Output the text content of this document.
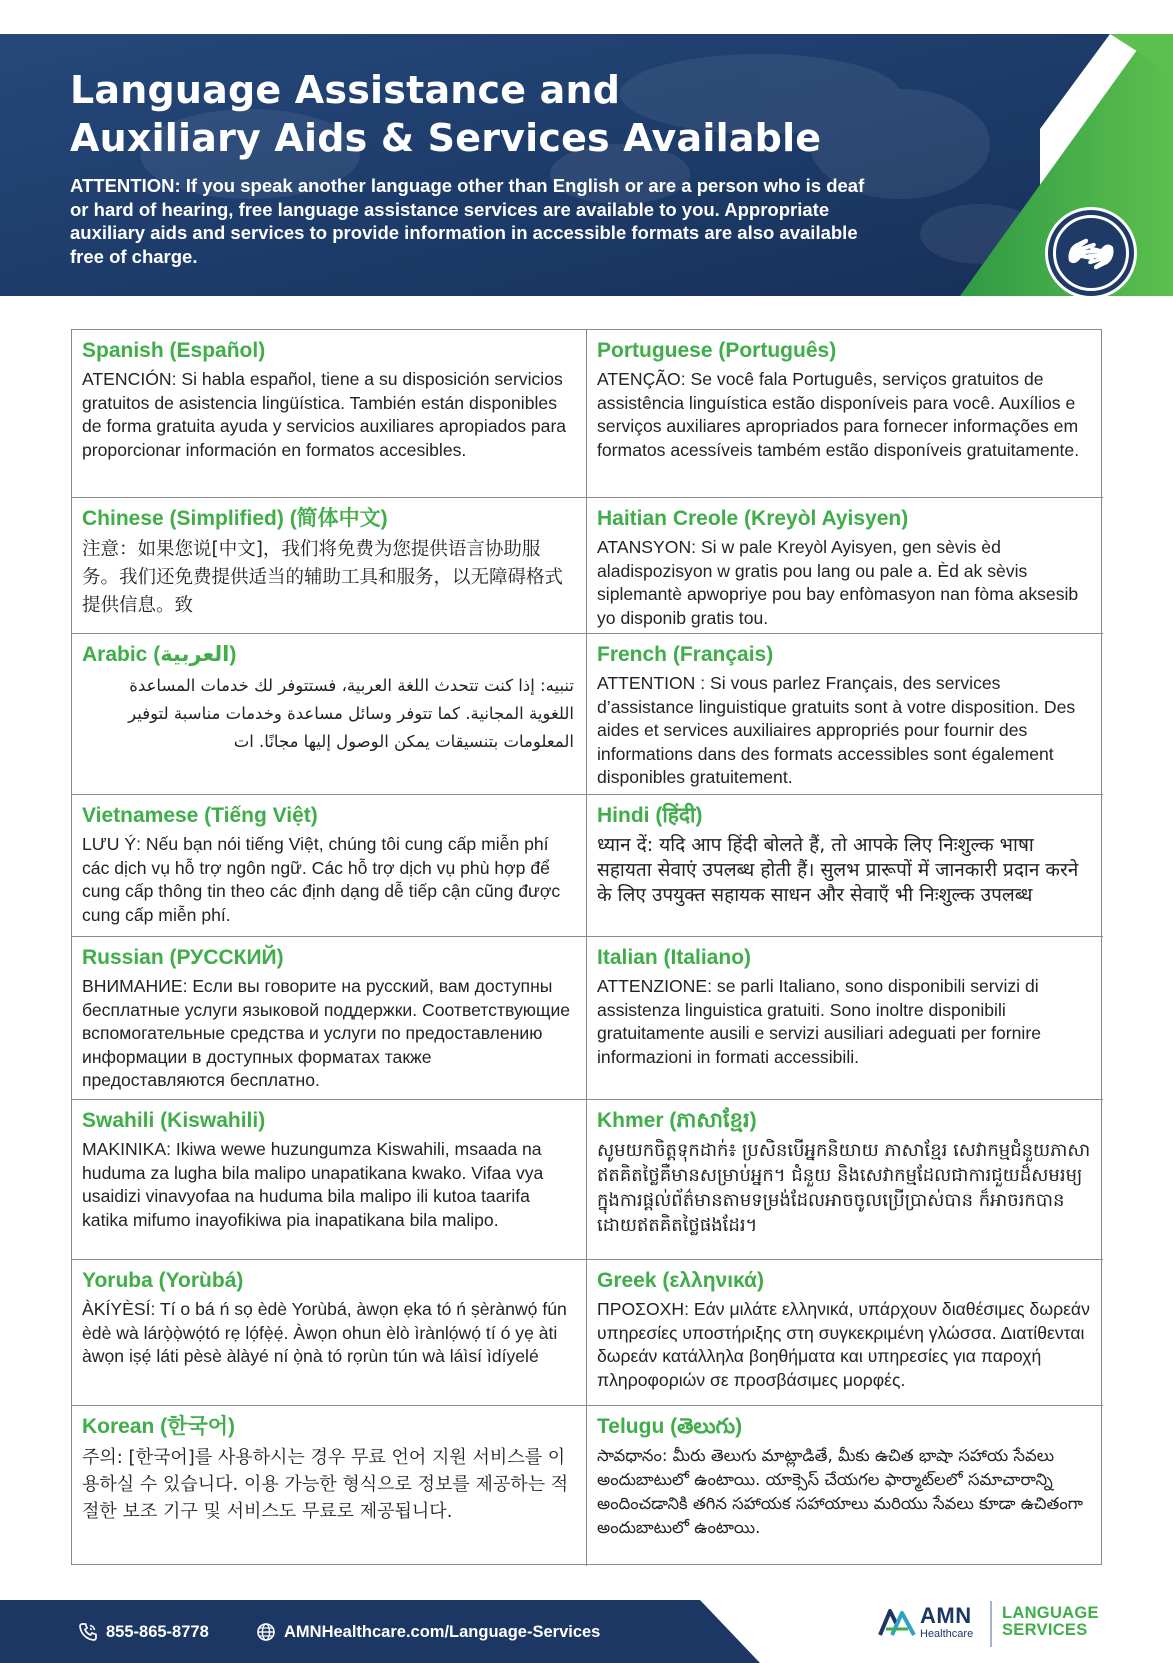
Language Assistance and
Auxiliary Aids & Services Available
ATTENTION: If you speak another language other than English or are a person who is deaf or hard of hearing, free language assistance services are available to you. Appropriate auxiliary aids and services to provide information in accessible formats are also available free of charge.
Spanish (Español)
ATENCIÓN: Si habla español, tiene a su disposición servicios gratuitos de asistencia lingüística. También están disponibles de forma gratuita ayuda y servicios auxiliares apropiados para proporcionar información en formatos accesibles.
Portuguese (Português)
ATENÇÃO: Se você fala Português, serviços gratuitos de assistência linguística estão disponíveis para você. Auxílios e serviços auxiliares apropriados para fornecer informações em formatos acessíveis também estão disponíveis gratuitamente.
Chinese (Simplified) (简体中文)
注意：如果您说[中文]，我们将免费为您提供语言协助服务。我们还免费提供适当的辅助工具和服务，以无障碍格式提供信息。致
Haitian Creole (Kreyòl Ayisyen)
ATANSYON: Si w pale Kreyòl Ayisyen, gen sèvis èd aladispozisyon w gratis pou lang ou pale a. Èd ak sèvis siplemantè apwopriye pou bay enfòmasyon nan fòma aksesib yo disponib gratis tou.
Arabic (العربية)
تنبيه: إذا كنت تتحدث اللغة العربية، فستتوفر لك خدمات المساعدة اللغوية المجانية. كما تتوفر وسائل مساعدة وخدمات مناسبة لتوفير المعلومات بتنسيقات يمكن الوصول إليها مجانًا. ات
French (Français)
ATTENTION : Si vous parlez Français, des services d’assistance linguistique gratuits sont à votre disposition. Des aides et services auxiliaires appropriés pour fournir des informations dans des formats accessibles sont également disponibles gratuitement.
Vietnamese (Tiếng Việt)
LƯU Ý: Nếu bạn nói tiếng Việt, chúng tôi cung cấp miễn phí các dịch vụ hỗ trợ ngôn ngữ. Các hỗ trợ dịch vụ phù hợp để cung cấp thông tin theo các định dạng dễ tiếp cận cũng được cung cấp miễn phí.
Hindi (हिंदी)
ध्यान दें: यदि आप हिंदी बोलते हैं, तो आपके लिए निःशुल्क भाषा सहायता सेवाएं उपलब्ध होती हैं। सुलभ प्रारूपों में जानकारी प्रदान करने के लिए उपयुक्त सहायक साधन और सेवाएँ भी निःशुल्क उपलब्ध
Russian (РУССКИЙ)
ВНИМАНИЕ: Если вы говорите на русский, вам доступны бесплатные услуги языковой поддержки. Соответствующие вспомогательные средства и услуги по предоставлению информации в доступных форматах также предоставляются бесплатно.
Italian (Italiano)
ATTENZIONE: se parli Italiano, sono disponibili servizi di assistenza linguistica gratuiti. Sono inoltre disponibili gratuitamente ausili e servizi ausiliari adeguati per fornire informazioni in formati accessibili.
Swahili (Kiswahili)
MAKINIKA: Ikiwa wewe huzungumza Kiswahili, msaada na huduma za lugha bila malipo unapatikana kwako. Vifaa vya usaidizi vinavyofaa na huduma bila malipo ili kutoa taarifa katika mifumo inayofikiwa pia inapatikana bila malipo.
Khmer (ភាសាខ្មែរ)
សូមយកចិត្តទុកដាក់៖ ប្រសិនបើអ្នកនិយាយ ភាសាខ្មែរ សេវាកម្មជំនួយភាសាឥតគិតថ្លៃគឺមានសម្រាប់អ្នក។ ជំនួយ និងសេវាកម្មដែលជាការជួយដ៏សមរម្យ ក្នុងការផ្តល់ព័ត៌មានតាមទម្រង់ដែលអាចចូលប្រើប្រាស់បាន ក៏អាចរកបានដោយឥតគិតថ្លៃផងដែរ។
Yoruba (Yorùbá)
ÀKÍYÈSÍ: Tí o bá ń sọ èdè Yorùbá, àwọn ẹka tó ń ṣèrànwọ́ fún èdè wà lárọ̀ọ̀wọ́tó rẹ lọ́fẹ̀ẹ́. Àwọn ohun èlò ìrànlọ́wọ́ tí ó yẹ àti àwọn iṣẹ́ láti pèsè àlàyé ní ọ̀nà tó rọrùn tún wà láìsí ìdíyelé
Greek (ελληνικά)
ΠΡΟΣΟΧΗ: Εάν μιλάτε ελληνικά, υπάρχουν διαθέσιμες δωρεάν υπηρεσίες υποστήριξης στη συγκεκριμένη γλώσσα. Διατίθενται δωρεάν κατάλληλα βοηθήματα και υπηρεσίες για παροχή πληροφοριών σε προσβάσιμες μορφές.
Korean (한국어)
주의: [한국어]를 사용하시는 경우 무료 언어 지원 서비스를 이용하실 수 있습니다. 이용 가능한 형식으로 정보를 제공하는 적절한 보조 기구 및 서비스도 무료로 제공됩니다.
Telugu (తెలుగు)
సావధానం: మీరు తెలుగు మాట్లాడితే, మీకు ఉచిత భాషా సహాయ సేవలు అందుబాటులో ఉంటాయి. యాక్సెస్ చేయగల ఫార్మాట్‌లలో సమాచారాన్ని అందించడానికి తగిన సహాయక సహాయాలు మరియు సేవలు కూడా ఉచితంగా అందుబాటులో ఉంటాయి.
855-865-8778	AMNHealthcare.com/Language-Services
AMN
Healthcare
LANGUAGE
SERVICES
